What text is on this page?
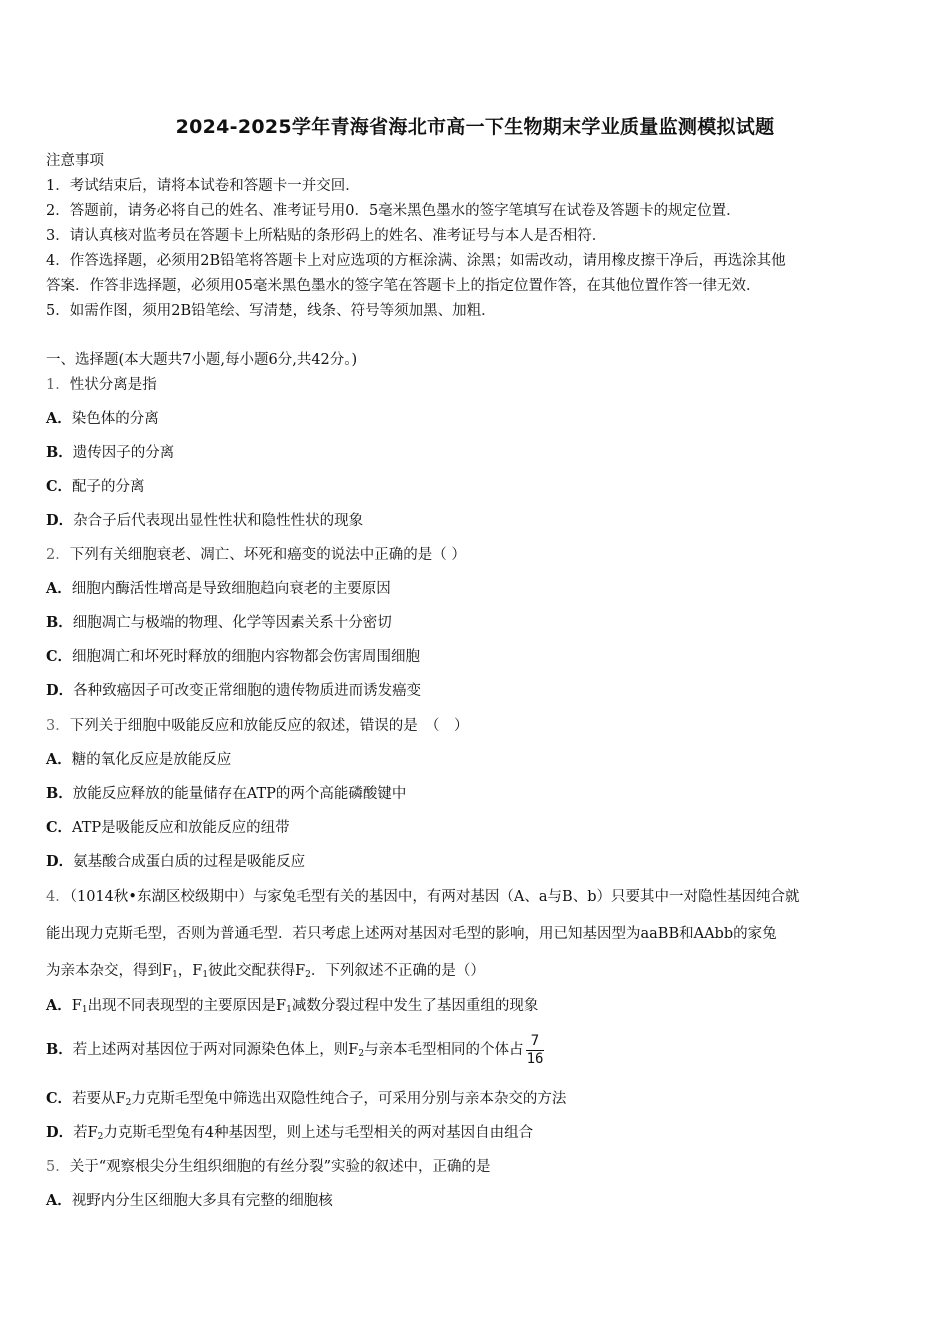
2024-2025学年青海省海北市高一下生物期末学业质量监测模拟试题
注意事项
1．考试结束后，请将本试卷和答题卡一并交回．
2．答题前，请务必将自己的姓名、准考证号用0．5毫米黑色墨水的签字笔填写在试卷及答题卡的规定位置．
3．请认真核对监考员在答题卡上所粘贴的条形码上的姓名、准考证号与本人是否相符．
4．作答选择题，必须用2B铅笔将答题卡上对应选项的方框涂满、涂黑；如需改动，请用橡皮擦干净后，再选涂其他
答案．作答非选择题，必须用05毫米黑色墨水的签字笔在答题卡上的指定位置作答，在其他位置作答一律无效．
5．如需作图，须用2B铅笔绘、写清楚，线条、符号等须加黑、加粗．
一、选择题(本大题共7小题,每小题6分,共42分。)
1．性状分离是指
A．染色体的分离
B．遗传因子的分离
C．配子的分离
D．杂合子后代表现出显性性状和隐性性状的现象
2．下列有关细胞衰老、凋亡、坏死和癌变的说法中正确的是（ ）
A．细胞内酶活性增高是导致细胞趋向衰老的主要原因
B．细胞凋亡与极端的物理、化学等因素关系十分密切
C．细胞凋亡和坏死时释放的细胞内容物都会伤害周围细胞
D．各种致癌因子可改变正常细胞的遗传物质进而诱发癌变
3．下列关于细胞中吸能反应和放能反应的叙述，错误的是　（　）
A．糖的氧化反应是放能反应
B．放能反应释放的能量储存在ATP的两个高能磷酸键中
C．ATP是吸能反应和放能反应的纽带
D．氨基酸合成蛋白质的过程是吸能反应
4．（1014秋•东湖区校级期中）与家兔毛型有关的基因中，有两对基因（A、a与B、b）只要其中一对隐性基因纯合就
能出现力克斯毛型，否则为普通毛型．若只考虑上述两对基因对毛型的影响，用已知基因型为aaBB和AAbb的家兔
为亲本杂交，得到$F_1$，$F_1$彼此交配获得$F_2$．下列叙述不正确的是（）
A．$F_1$出现不同表现型的主要原因是$F_1$减数分裂过程中发生了基因重组的现象
B．若上述两对基因位于两对同源染色体上，则$F_2$与亲本毛型相同的个体占 $\frac{7}{16}$
C．若要从$F_2$力克斯毛型兔中筛选出双隐性纯合子，可采用分别与亲本杂交的方法
D．若$F_2$力克斯毛型兔有4种基因型，则上述与毛型相关的两对基因自由组合
5．关于“观察根尖分生组织细胞的有丝分裂”实验的叙述中，正确的是
A．视野内分生区细胞大多具有完整的细胞核
